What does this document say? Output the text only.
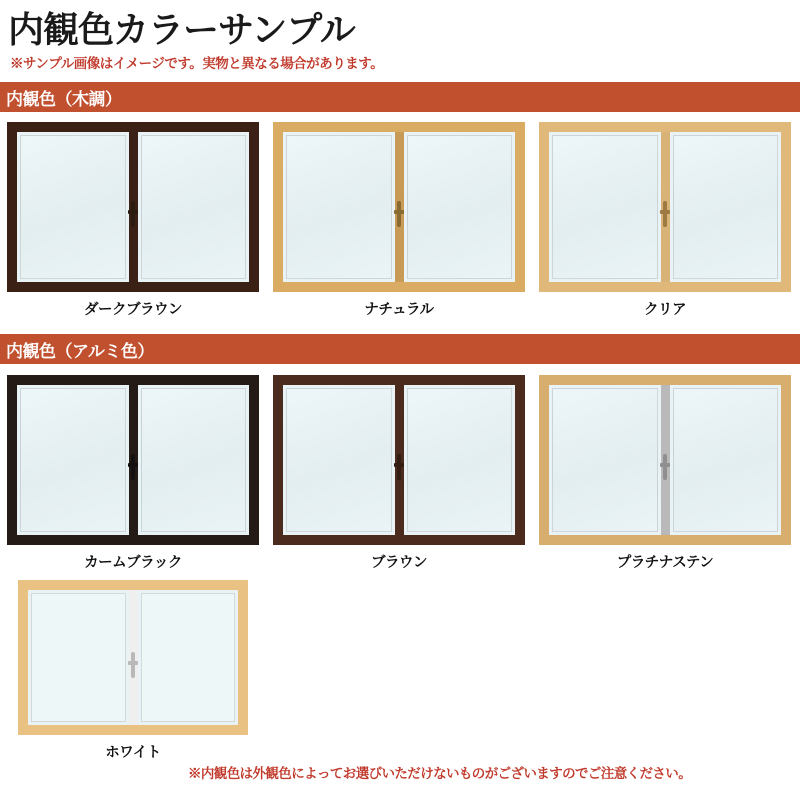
内観色カラーサンプル
※サンプル画像はイメージです。実物と異なる場合があります。
内観色（木調）
ダークブラウン	ナチュラル	クリア
内観色（アルミ色）
カームブラック	ブラウン	プラチナステン
ホワイト
※内観色は外観色によってお選びいただけないものがございますのでご注意ください。
